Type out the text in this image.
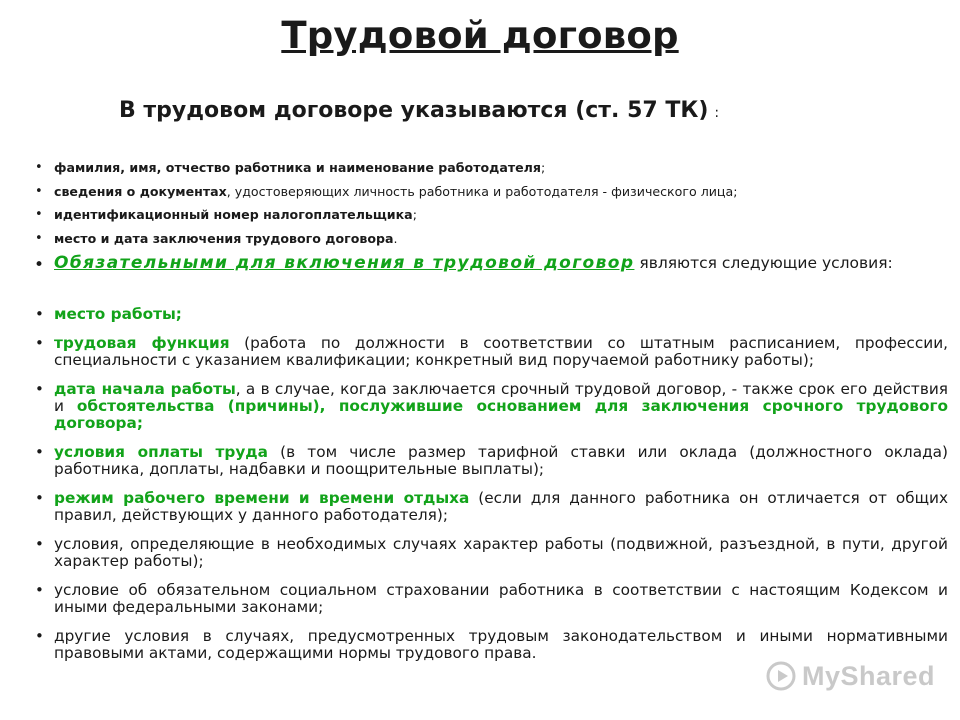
Трудовой договор
В трудовом договоре указываются (ст. 57 ТК) :
• фамилия, имя, отчество работника и наименование работодателя;
• сведения о документах, удостоверяющих личность работника и работодателя - физического лица;
• идентификационный номер налогоплательщика;
• место и дата заключения трудового договора.
• Обязательными для включения в трудовой договор являются следующие условия:
• место работы;
• трудовая функция (работа по должности в соответствии со штатным расписанием, профессии, специальности с указанием квалификации; конкретный вид поручаемой работнику работы);
• дата начала работы, а в случае, когда заключается срочный трудовой договор, - также срок его действия и обстоятельства (причины), послужившие основанием для заключения срочного трудового договора;
• условия оплаты труда (в том числе размер тарифной ставки или оклада (должностного оклада) работника, доплаты, надбавки и поощрительные выплаты);
• режим рабочего времени и времени отдыха (если для данного работника он отличается от общих правил, действующих у данного работодателя);
• условия, определяющие в необходимых случаях характер работы (подвижной, разъездной, в пути, другой характер работы);
• условие об обязательном социальном страховании работника в соответствии с настоящим Кодексом и иными федеральными законами;
• другие условия в случаях, предусмотренных трудовым законодательством и иными нормативными правовыми актами, содержащими нормы трудового права.
MyShared
